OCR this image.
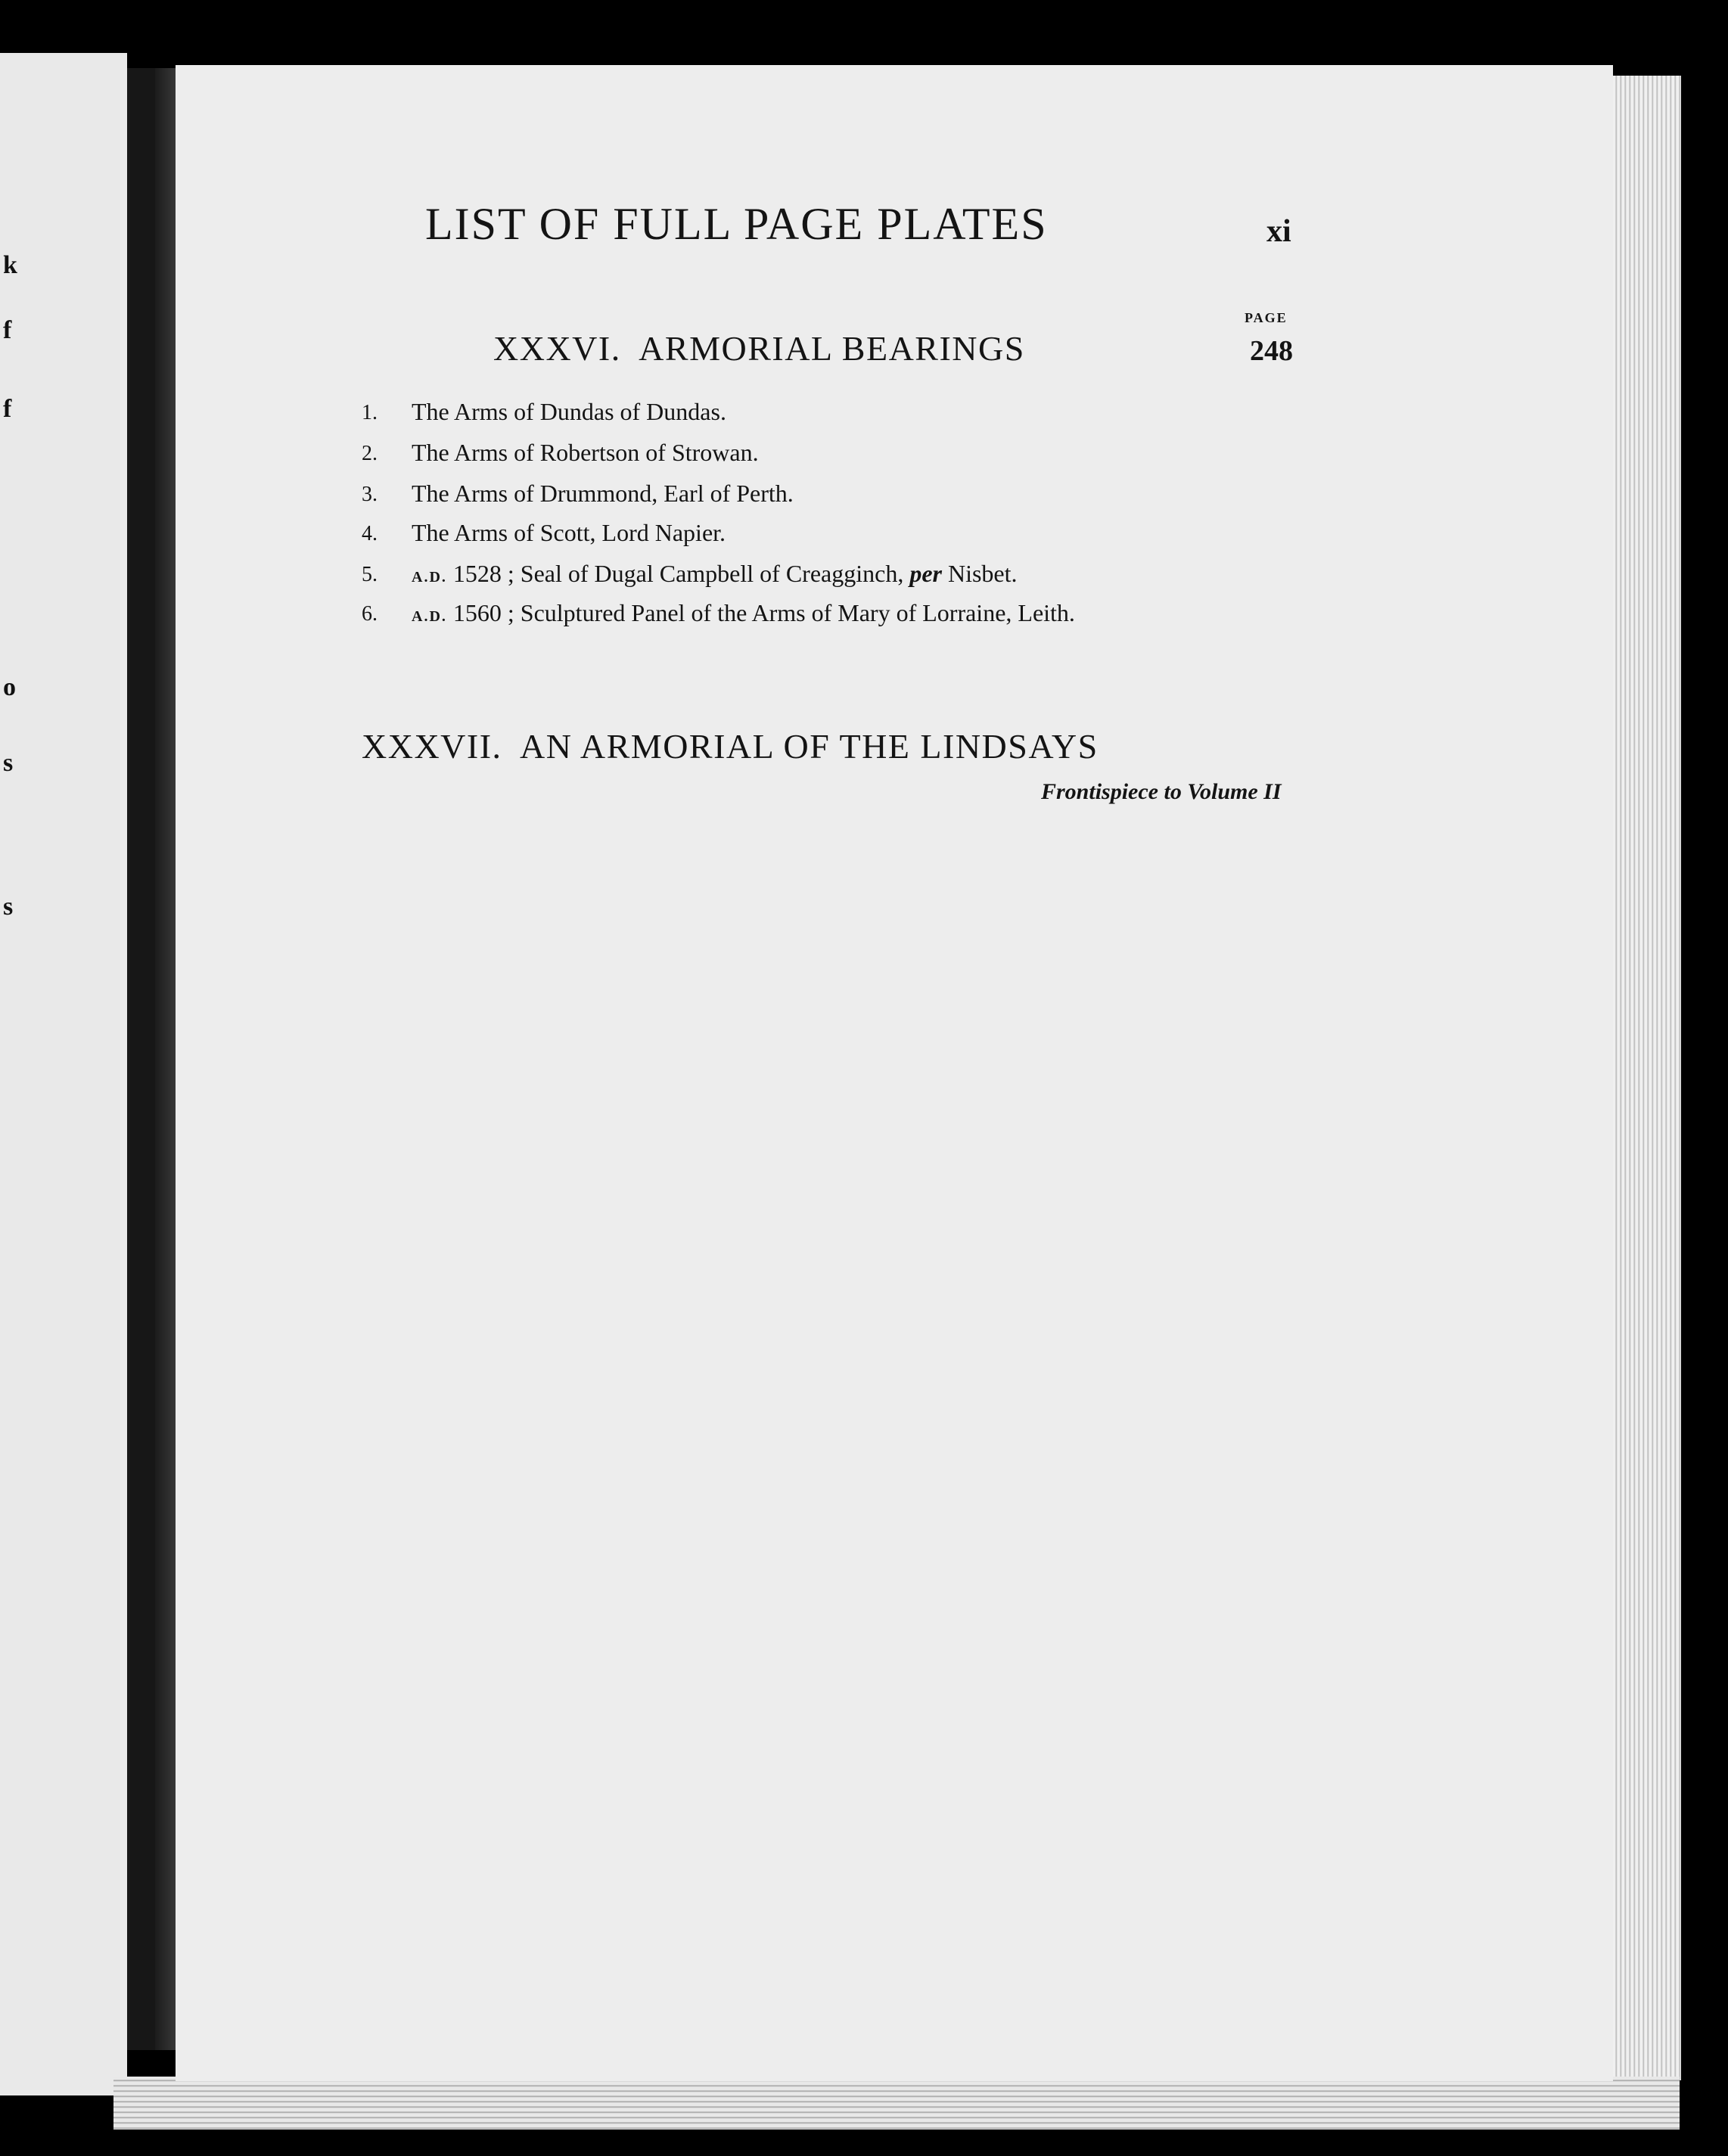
k
f
f
o
s
s
LIST OF FULL PAGE PLATES	xi
PAGE
XXXVI. ARMORIAL BEARINGS	248
1. The Arms of Dundas of Dundas.
2. The Arms of Robertson of Strowan.
3. The Arms of Drummond, Earl of Perth.
4. The Arms of Scott, Lord Napier.
5. A.D. 1528 ; Seal of Dugal Campbell of Creagginch, per Nisbet.
6. A.D. 1560 ; Sculptured Panel of the Arms of Mary of Lorraine, Leith.
XXXVII. AN ARMORIAL OF THE LINDSAYS
Frontispiece to Volume II
